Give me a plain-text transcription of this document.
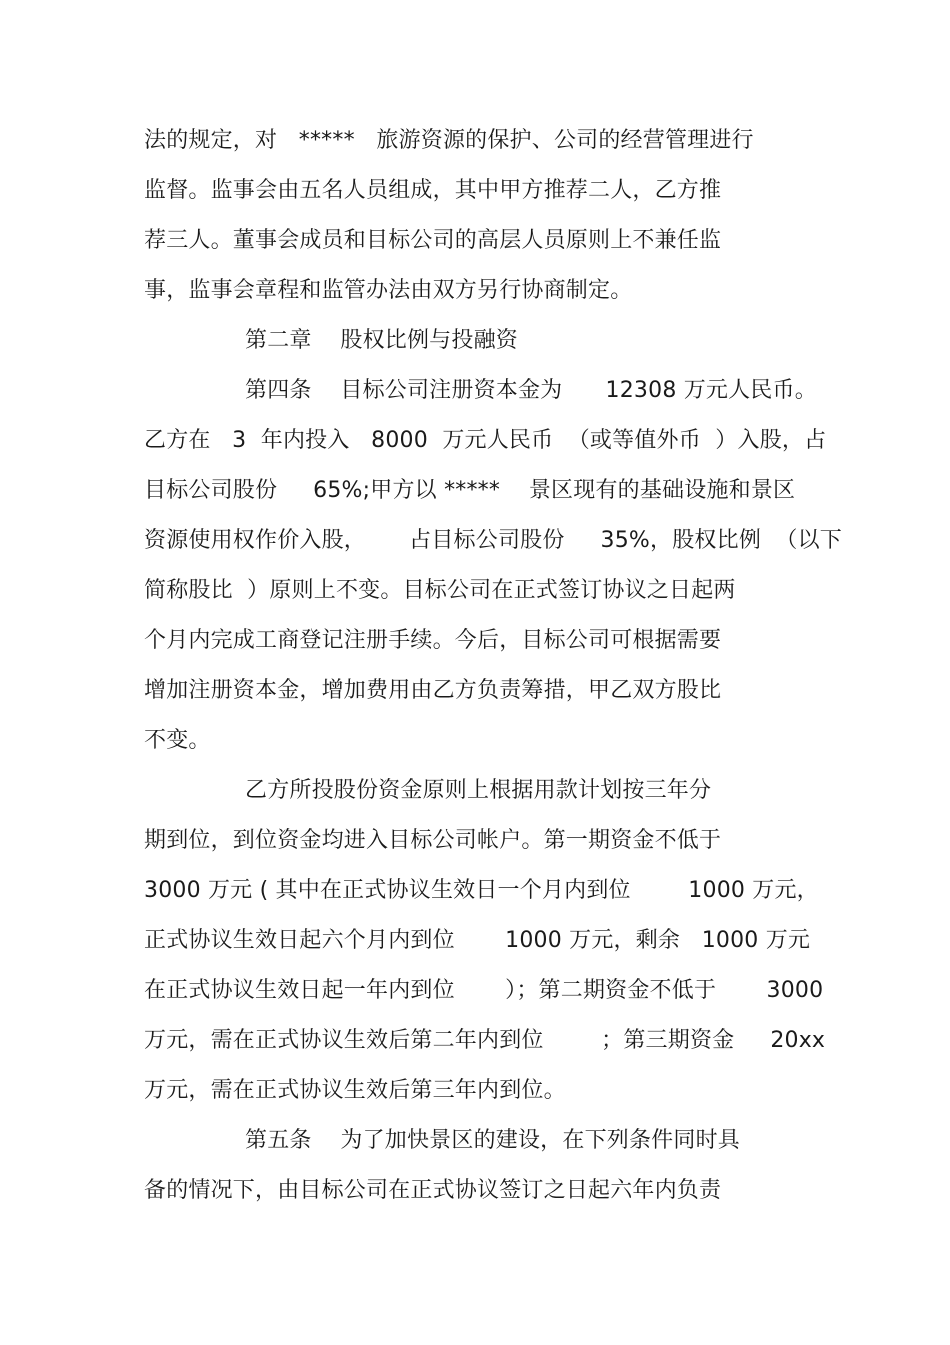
法的规定，对   *****   旅游资源的保护、公司的经营管理进行
监督。监事会由五名人员组成，其中甲方推荐二人，乙方推
荐三人。董事会成员和目标公司的高层人员原则上不兼任监
事，监事会章程和监管办法由双方另行协商制定。
第二章    股权比例与投融资
第四条    目标公司注册资本金为      12308 万元人民币。
乙方在   3  年内投入   8000  万元人民币  （或等值外币  ）入股，占
目标公司股份     65%;甲方以 *****    景区现有的基础设施和景区
资源使用权作价入股，      占目标公司股份     35%，股权比例  （以下
简称股比  ）原则上不变。目标公司在正式签订协议之日起两
个月内完成工商登记注册手续。今后，目标公司可根据需要
增加注册资本金，增加费用由乙方负责筹措，甲乙双方股比
不变。
乙方所投股份资金原则上根据用款计划按三年分
期到位，到位资金均进入目标公司帐户。第一期资金不低于
3000 万元 ( 其中在正式协议生效日一个月内到位        1000 万元，
正式协议生效日起六个月内到位       1000 万元，剩余   1000 万元
在正式协议生效日起一年内到位       ）；第二期资金不低于       3000
万元，需在正式协议生效后第二年内到位        ；第三期资金     20xx
万元，需在正式协议生效后第三年内到位。
第五条    为了加快景区的建设，在下列条件同时具
备的情况下，由目标公司在正式协议签订之日起六年内负责
